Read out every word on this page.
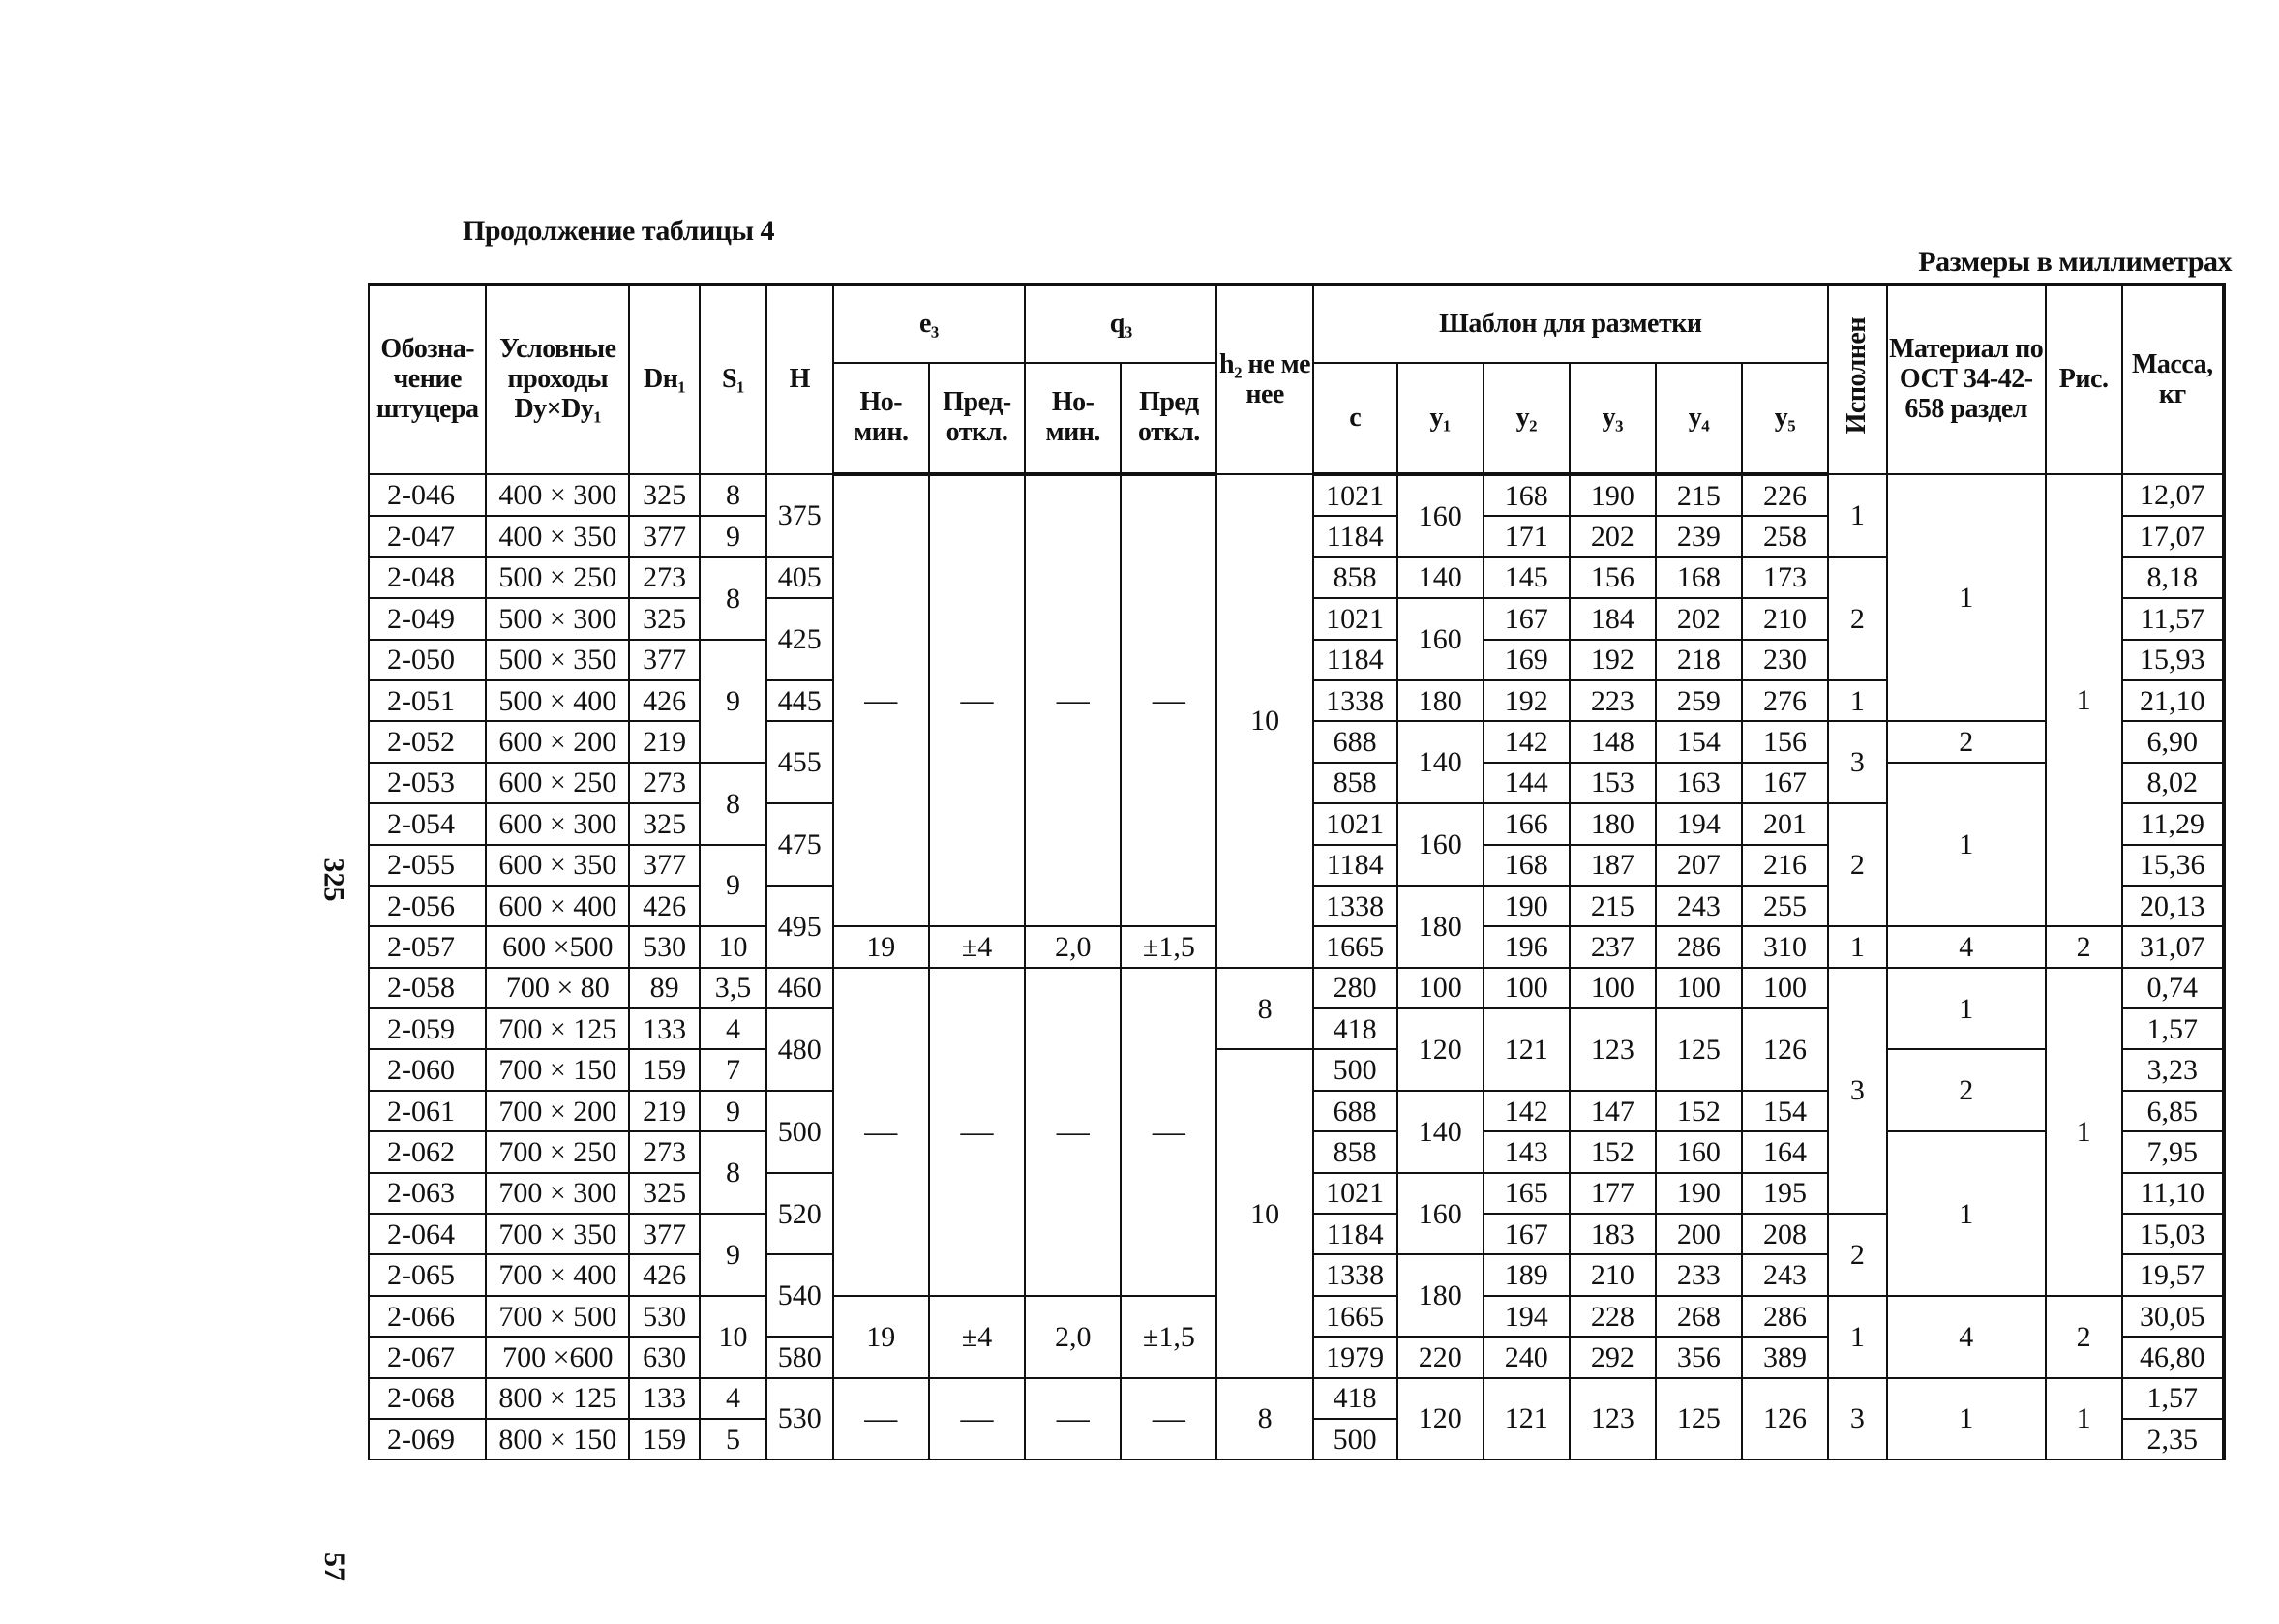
Продолжение таблицы 4
Размеры в миллиметрах
325
57
Обозна-чение штуцера	Условные проходы Dу×Dу₁	Dн₁	S₁	H	e₃		q₃		h₂ не ме нее	Шаблон для разметки						Исполнен	Материал по ОСТ 34-42-658 раздел	Рис.	Масса, кг
					Но-мин.	Пред-откл.	Но-мин.	Пред откл.		с	у₁	у₂	у₃	у₄	у₅				
2-046	400 × 300	325	8	375	—	—	—	—	10	1021	160	168	190	215	226	1	1	1	12,07
2-047	400 × 350	377	9							1184		171	202	239	258				17,07
2-048	500 × 250	273	8	405						858	140	145	156	168	173	2			8,18
2-049	500 × 300	325		425						1021	160	167	184	202	210				11,57
2-050	500 × 350	377	9							1184		169	192	218	230				15,93
2-051	500 × 400	426		445						1338	180	192	223	259	276	1			21,10
2-052	600 × 200	219		455						688	140	142	148	154	156	3	2		6,90
2-053	600 × 250	273	8							858		144	153	163	167		1		8,02
2-054	600 × 300	325		475						1021	160	166	180	194	201	2			11,29
2-055	600 × 350	377	9							1184		168	187	207	216				15,36
2-056	600 × 400	426		495						1338	180	190	215	243	255				20,13
2-057	600 ×500	530	10		19	±4	2,0	±1,5		1665		196	237	286	310	1	4	2	31,07
2-058	700 × 80	89	3,5	460	—	—	—	—	8	280	100	100	100	100	100	3	1	1	0,74
2-059	700 × 125	133	4	480						418	120	121	123	125	126				1,57
2-060	700 × 150	159	7						10	500							2		3,23
2-061	700 × 200	219	9	500						688	140	142	147	152	154				6,85
2-062	700 × 250	273	8							858		143	152	160	164		1		7,95
2-063	700 × 300	325		520						1021	160	165	177	190	195				11,10
2-064	700 × 350	377	9							1184		167	183	200	208	2			15,03
2-065	700 × 400	426		540						1338	180	189	210	233	243				19,57
2-066	700 × 500	530	10		19	±4	2,0	±1,5		1665		194	228	268	286	1	4	2	30,05
2-067	700 ×600	630		580						1979	220	240	292	356	389				46,80
2-068	800 × 125	133	4	530	—	—	—	—	8	418	120	121	123	125	126	3	1	1	1,57
2-069	800 × 150	159	5							500									2,35
